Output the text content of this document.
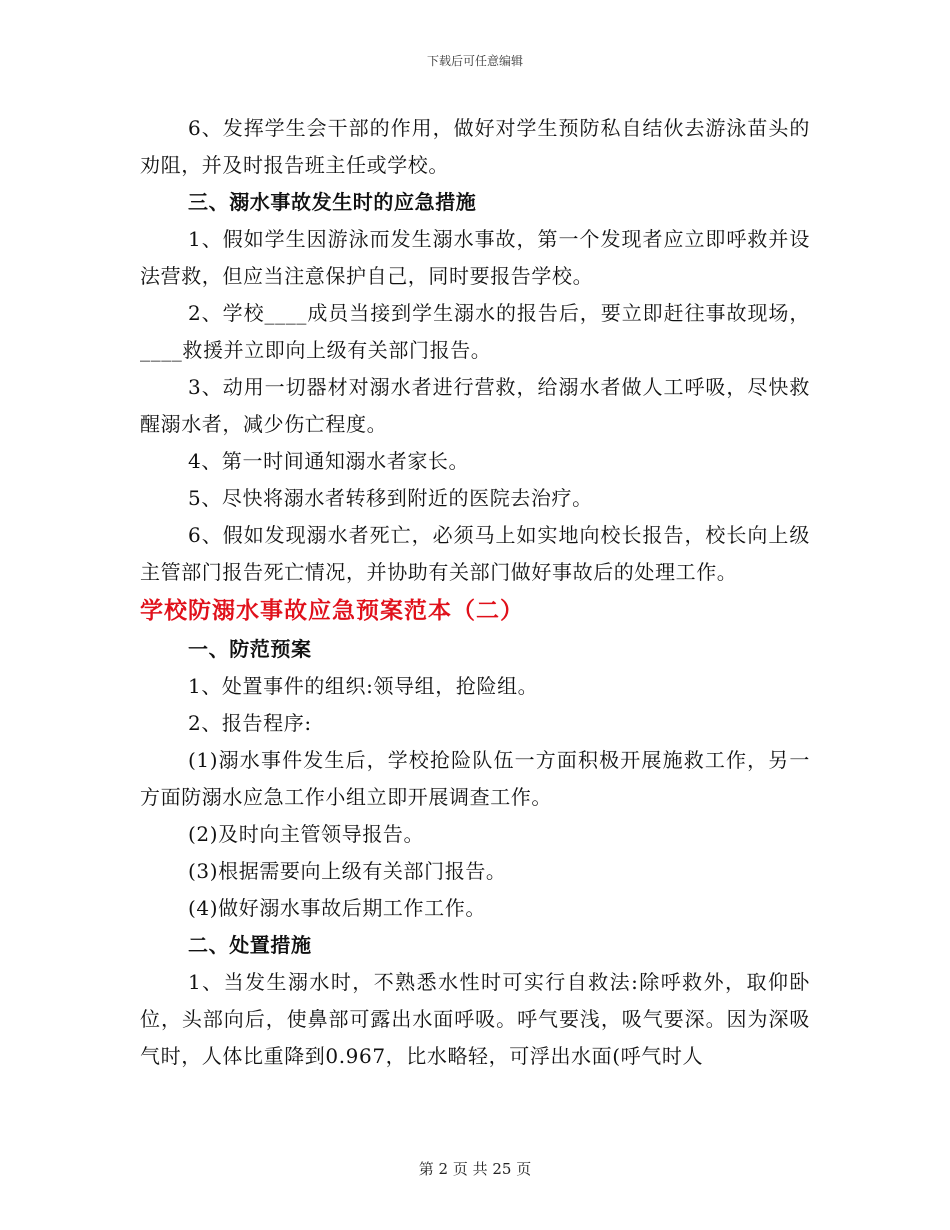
下载后可任意编辑

6、发挥学生会干部的作用，做好对学生预防私自结伙去游泳苗头的劝阻，并及时报告班主任或学校。

三、溺水事故发生时的应急措施

1、假如学生因游泳而发生溺水事故，第一个发现者应立即呼救并设法营救，但应当注意保护自己，同时要报告学校。

2、学校____成员当接到学生溺水的报告后，要立即赶往事故现场，____救援并立即向上级有关部门报告。

3、动用一切器材对溺水者进行营救，给溺水者做人工呼吸，尽快救醒溺水者，减少伤亡程度。

4、第一时间通知溺水者家长。

5、尽快将溺水者转移到附近的医院去治疗。

6、假如发现溺水者死亡，必须马上如实地向校长报告，校长向上级主管部门报告死亡情况，并协助有关部门做好事故后的处理工作。

学校防溺水事故应急预案范本（二）

一、防范预案

1、处置事件的组织:领导组，抢险组。

2、报告程序:

(1)溺水事件发生后，学校抢险队伍一方面积极开展施救工作，另一方面防溺水应急工作小组立即开展调查工作。

(2)及时向主管领导报告。

(3)根据需要向上级有关部门报告。

(4)做好溺水事故后期工作工作。

二、处置措施

1、当发生溺水时，不熟悉水性时可实行自救法:除呼救外，取仰卧位，头部向后，使鼻部可露出水面呼吸。呼气要浅，吸气要深。因为深吸气时，人体比重降到0.967，比水略轻，可浮出水面(呼气时人

第 2 页 共 25 页
